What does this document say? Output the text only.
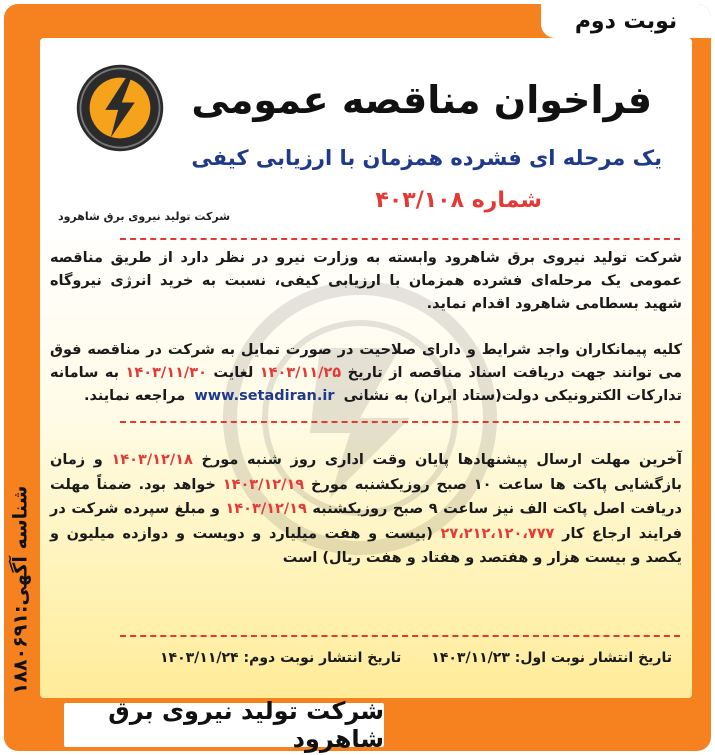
نوبت دوم
شناسه آگهی:۱۸۸۰۶۹۱
شرکت تولید نیروی برق شاهرود
فراخوان مناقصه عمومی
یک مرحله ای فشرده همزمان با ارزیابی کیفی
شماره ۴۰۳/۱۰۸
شرکت تولید نیروی برق شاهرود وابسته به وزارت نیرو در نظر دارد از طریق مناقصه عمومی یک مرحله‌ای فشرده همزمان با ارزیابی کیفی، نسبت به خرید انرژی نیروگاه شهید بسطامی شاهرود اقدام نماید.
کلیه پیمانکاران واجد شرایط و دارای صلاحیت در صورت تمایل به شرکت در مناقصه فوق می توانند جهت دریافت اسناد مناقصه از تاریخ ۱۴۰۳/۱۱/۲۵ لغایت ۱۴۰۳/۱۱/۳۰ به سامانه تدارکات الکترونیکی دولت(ستاد ایران) به نشانی www.setadiran.ir مراجعه نمایند.
آخرین مهلت ارسال پیشنهادها پایان وقت اداری روز شنبه مورخ ۱۴۰۳/۱۲/۱۸ و زمان بازگشایی پاکت ها ساعت ۱۰ صبح روزیکشنبه مورخ ۱۴۰۳/۱۲/۱۹ خواهد بود. ضمناً مهلت دریافت اصل پاکت الف نیز ساعت ۹ صبح روزیکشنبه ۱۴۰۳/۱۲/۱۹ و مبلغ سپرده شرکت در فرایند ارجاع کار ۲۷،۲۱۲،۱۲۰،۷۷۷ (بیست و هفت میلیارد و دویست و دوازده میلیون و یکصد و بیست هزار و هفتصد و هفتاد و هفت ریال) است
تاریخ انتشار نوبت اول: ۱۴۰۳/۱۱/۲۳
تاریخ انتشار نوبت دوم: ۱۴۰۳/۱۱/۲۴
شرکت تولید نیروی برق شاهرود
